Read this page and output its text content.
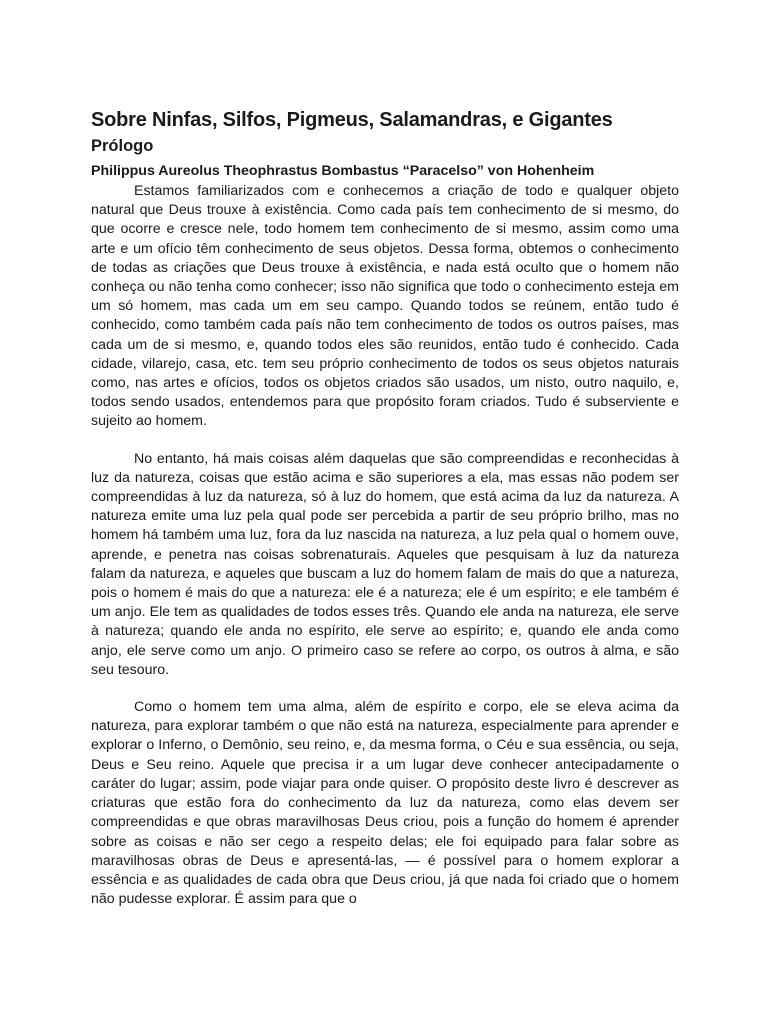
Sobre Ninfas, Silfos, Pigmeus, Salamandras, e Gigantes
Prólogo
Philippus Aureolus Theophrastus Bombastus “Paracelso” von Hohenheim

Estamos familiarizados com e conhecemos a criação de todo e qualquer objeto natural que Deus trouxe à existência. Como cada país tem conhecimento de si mesmo, do que ocorre e cresce nele, todo homem tem conhecimento de si mesmo, assim como uma arte e um ofício têm conhecimento de seus objetos. Dessa forma, obtemos o conhecimento de todas as criações que Deus trouxe à existência, e nada está oculto que o homem não conheça ou não tenha como conhecer; isso não significa que todo o conhecimento esteja em um só homem, mas cada um em seu campo. Quando todos se reúnem, então tudo é conhecido, como também cada país não tem conhecimento de todos os outros países, mas cada um de si mesmo, e, quando todos eles são reunidos, então tudo é conhecido. Cada cidade, vilarejo, casa, etc. tem seu próprio conhecimento de todos os seus objetos naturais como, nas artes e ofícios, todos os objetos criados são usados, um nisto, outro naquilo, e, todos sendo usados, entendemos para que propósito foram criados. Tudo é subserviente e sujeito ao homem.

No entanto, há mais coisas além daquelas que são compreendidas e reconhecidas à luz da natureza, coisas que estão acima e são superiores a ela, mas essas não podem ser compreendidas à luz da natureza, só à luz do homem, que está acima da luz da natureza. A natureza emite uma luz pela qual pode ser percebida a partir de seu próprio brilho, mas no homem há também uma luz, fora da luz nascida na natureza, a luz pela qual o homem ouve, aprende, e penetra nas coisas sobrenaturais. Aqueles que pesquisam à luz da natureza falam da natureza, e aqueles que buscam a luz do homem falam de mais do que a natureza, pois o homem é mais do que a natureza: ele é a natureza; ele é um espírito; e ele também é um anjo. Ele tem as qualidades de todos esses três. Quando ele anda na natureza, ele serve à natureza; quando ele anda no espírito, ele serve ao espírito; e, quando ele anda como anjo, ele serve como um anjo. O primeiro caso se refere ao corpo, os outros à alma, e são seu tesouro.

Como o homem tem uma alma, além de espírito e corpo, ele se eleva acima da natureza, para explorar também o que não está na natureza, especialmente para aprender e explorar o Inferno, o Demônio, seu reino, e, da mesma forma, o Céu e sua essência, ou seja, Deus e Seu reino. Aquele que precisa ir a um lugar deve conhecer antecipadamente o caráter do lugar; assim, pode viajar para onde quiser. O propósito deste livro é descrever as criaturas que estão fora do conhecimento da luz da natureza, como elas devem ser compreendidas e que obras maravilhosas Deus criou, pois a função do homem é aprender sobre as coisas e não ser cego a respeito delas; ele foi equipado para falar sobre as maravilhosas obras de Deus e apresentá-las, — é possível para o homem explorar a essência e as qualidades de cada obra que Deus criou, já que nada foi criado que o homem não pudesse explorar. É assim para que o
